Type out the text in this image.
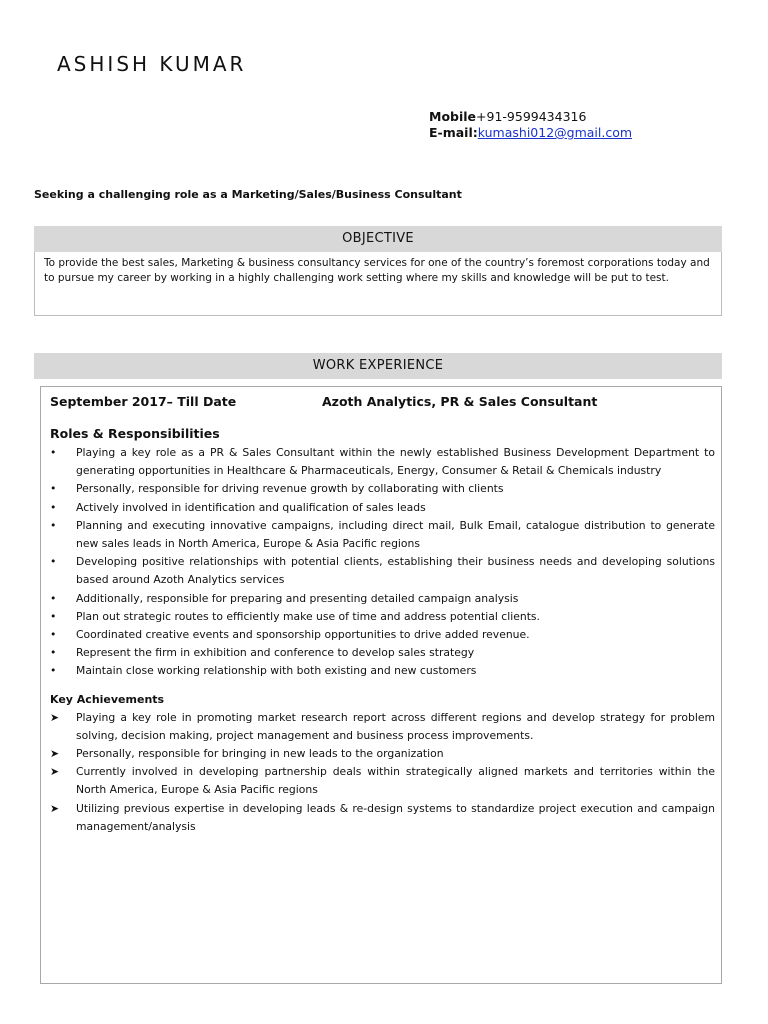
ASHISH KUMAR
Mobile+91-9599434316
E-mail:kumashi012@gmail.com
Seeking a challenging role as a Marketing/Sales/Business Consultant
OBJECTIVE
To provide the best sales, Marketing & business consultancy services for one of the country’s foremost corporations today and to pursue my career by working in a highly challenging work setting where my skills and knowledge will be put to test.
WORK EXPERIENCE
September 2017– Till Date	Azoth Analytics, PR & Sales Consultant
Roles & Responsibilities
• Playing a key role as a PR & Sales Consultant within the newly established Business Development Department to generating opportunities in Healthcare & Pharmaceuticals, Energy, Consumer & Retail & Chemicals industry
• Personally, responsible for driving revenue growth by collaborating with clients
• Actively involved in identification and qualification of sales leads
• Planning and executing innovative campaigns, including direct mail, Bulk Email, catalogue distribution to generate new sales leads in North America, Europe & Asia Pacific regions
• Developing positive relationships with potential clients, establishing their business needs and developing solutions based around Azoth Analytics services
• Additionally, responsible for preparing and presenting detailed campaign analysis
• Plan out strategic routes to efficiently make use of time and address potential clients.
• Coordinated creative events and sponsorship opportunities to drive added revenue.
• Represent the firm in exhibition and conference to develop sales strategy
• Maintain close working relationship with both existing and new customers
Key Achievements
➤ Playing a key role in promoting market research report across different regions and develop strategy for problem solving, decision making, project management and business process improvements.
➤ Personally, responsible for bringing in new leads to the organization
➤ Currently involved in developing partnership deals within strategically aligned markets and territories within the North America, Europe & Asia Pacific regions
➤ Utilizing previous expertise in developing leads & re-design systems to standardize project execution and campaign management/analysis
